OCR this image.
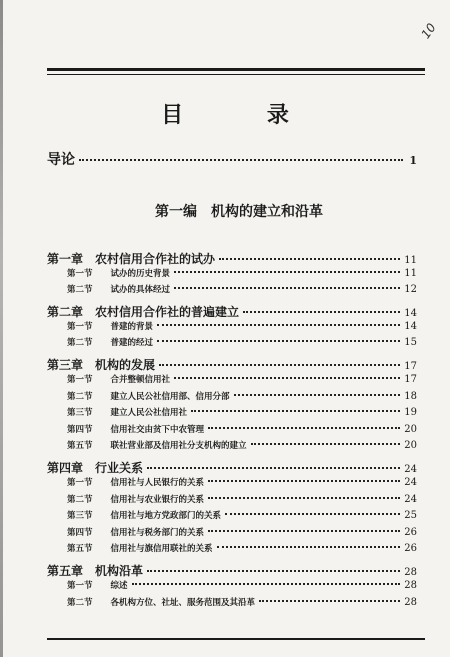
10
目 录
导论	1
第一编　机构的建立和沿革
第一章 农村信用合作社的试办	11
第一节 试办的历史背景	11
第二节 试办的具体经过	12
第二章 农村信用合作社的普遍建立	14
第一节 普建的背景	14
第二节 普建的经过	15
第三章 机构的发展	17
第一节 合并整顿信用社	17
第二节 建立人民公社信用部、信用分部	18
第三节 建立人民公社信用社	19
第四节 信用社交由贫下中农管理	20
第五节 联社营业部及信用社分支机构的建立	20
第四章 行业关系	24
第一节 信用社与人民银行的关系	24
第二节 信用社与农业银行的关系	24
第三节 信用社与地方党政部门的关系	25
第四节 信用社与税务部门的关系	26
第五节 信用社与旗信用联社的关系	26
第五章 机构沿革	28
第一节 综述	28
第二节 各机构方位、社址、服务范围及其沿革	28
